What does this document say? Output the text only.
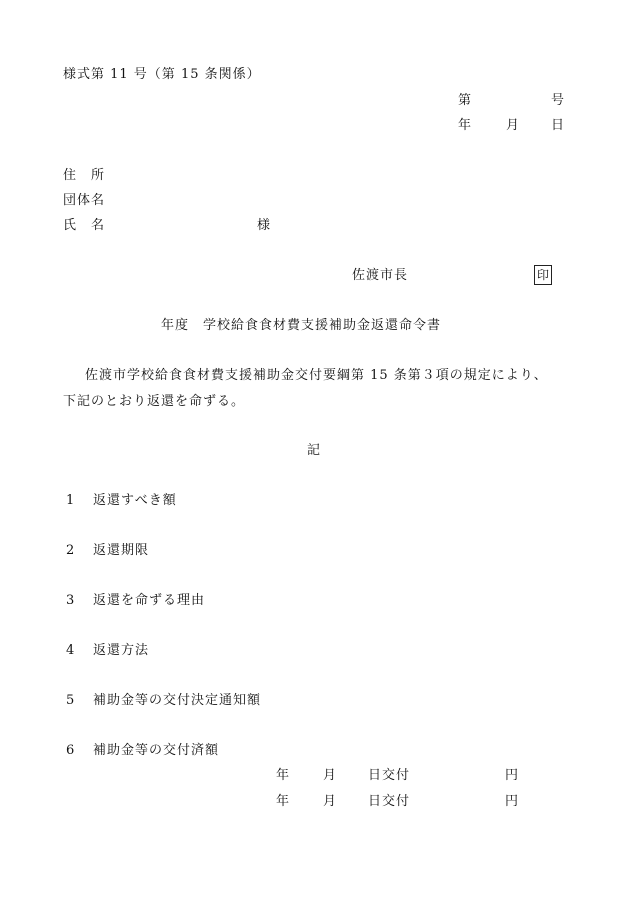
様式第 11 号（第 15 条関係）
第	号
年	月 日
住　所
団体名
氏　名	様
佐渡市長	印
年度　学校給食食材費支援補助金返還命令書
佐渡市学校給食食材費支援補助金交付要綱第 15 条第３項の規定により、
下記のとおり返還を命ずる。
記
1 返還すべき額
2 返還期限
3 返還を命ずる理由
4 返還方法
5 補助金等の交付決定通知額
6 補助金等の交付済額
年	月 日交付	円
年	月 日交付	円
